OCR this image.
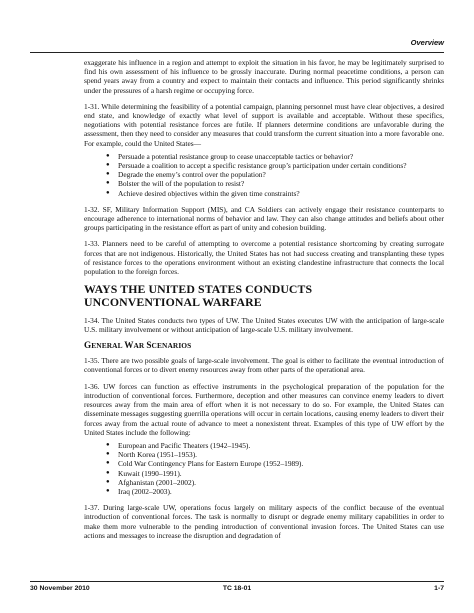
Overview

exaggerate his influence in a region and attempt to exploit the situation in his favor, he may be legitimately surprised to find his own assessment of his influence to be grossly inaccurate. During normal peacetime conditions, a person can spend years away from a country and expect to maintain their contacts and influence. This period significantly shrinks under the pressures of a harsh regime or occupying force.

1-31. While determining the feasibility of a potential campaign, planning personnel must have clear objectives, a desired end state, and knowledge of exactly what level of support is available and acceptable. Without these specifics, negotiations with potential resistance forces are futile. If planners determine conditions are unfavorable during the assessment, then they need to consider any measures that could transform the current situation into a more favorable one. For example, could the United States—

● Persuade a potential resistance group to cease unacceptable tactics or behavior?
● Persuade a coalition to accept a specific resistance group’s participation under certain conditions?
● Degrade the enemy’s control over the population?
● Bolster the will of the population to resist?
● Achieve desired objectives within the given time constraints?

1-32. SF, Military Information Support (MIS), and CA Soldiers can actively engage their resistance counterparts to encourage adherence to international norms of behavior and law. They can also change attitudes and beliefs about other groups participating in the resistance effort as part of unity and cohesion building.

1-33. Planners need to be careful of attempting to overcome a potential resistance shortcoming by creating surrogate forces that are not indigenous. Historically, the United States has not had success creating and transplanting these types of resistance forces to the operations environment without an existing clandestine infrastructure that connects the local population to the foreign forces.

WAYS THE UNITED STATES CONDUCTS
UNCONVENTIONAL WARFARE

1-34. The United States conducts two types of UW. The United States executes UW with the anticipation of large-scale U.S. military involvement or without anticipation of large-scale U.S. military involvement.

GENERAL WAR SCENARIOS

1-35. There are two possible goals of large-scale involvement. The goal is either to facilitate the eventual introduction of conventional forces or to divert enemy resources away from other parts of the operational area.

1-36. UW forces can function as effective instruments in the psychological preparation of the population for the introduction of conventional forces. Furthermore, deception and other measures can convince enemy leaders to divert resources away from the main area of effort when it is not necessary to do so. For example, the United States can disseminate messages suggesting guerrilla operations will occur in certain locations, causing enemy leaders to divert their forces away from the actual route of advance to meet a nonexistent threat. Examples of this type of UW effort by the United States include the following:

● European and Pacific Theaters (1942–1945).
● North Korea (1951–1953).
● Cold War Contingency Plans for Eastern Europe (1952–1989).
● Kuwait (1990–1991).
● Afghanistan (2001–2002).
● Iraq (2002–2003).

1-37. During large-scale UW, operations focus largely on military aspects of the conflict because of the eventual introduction of conventional forces. The task is normally to disrupt or degrade enemy military capabilities in order to make them more vulnerable to the pending introduction of conventional invasion forces. The United States can use actions and messages to increase the disruption and degradation of

30 November 2010	TC 18-01	1-7
